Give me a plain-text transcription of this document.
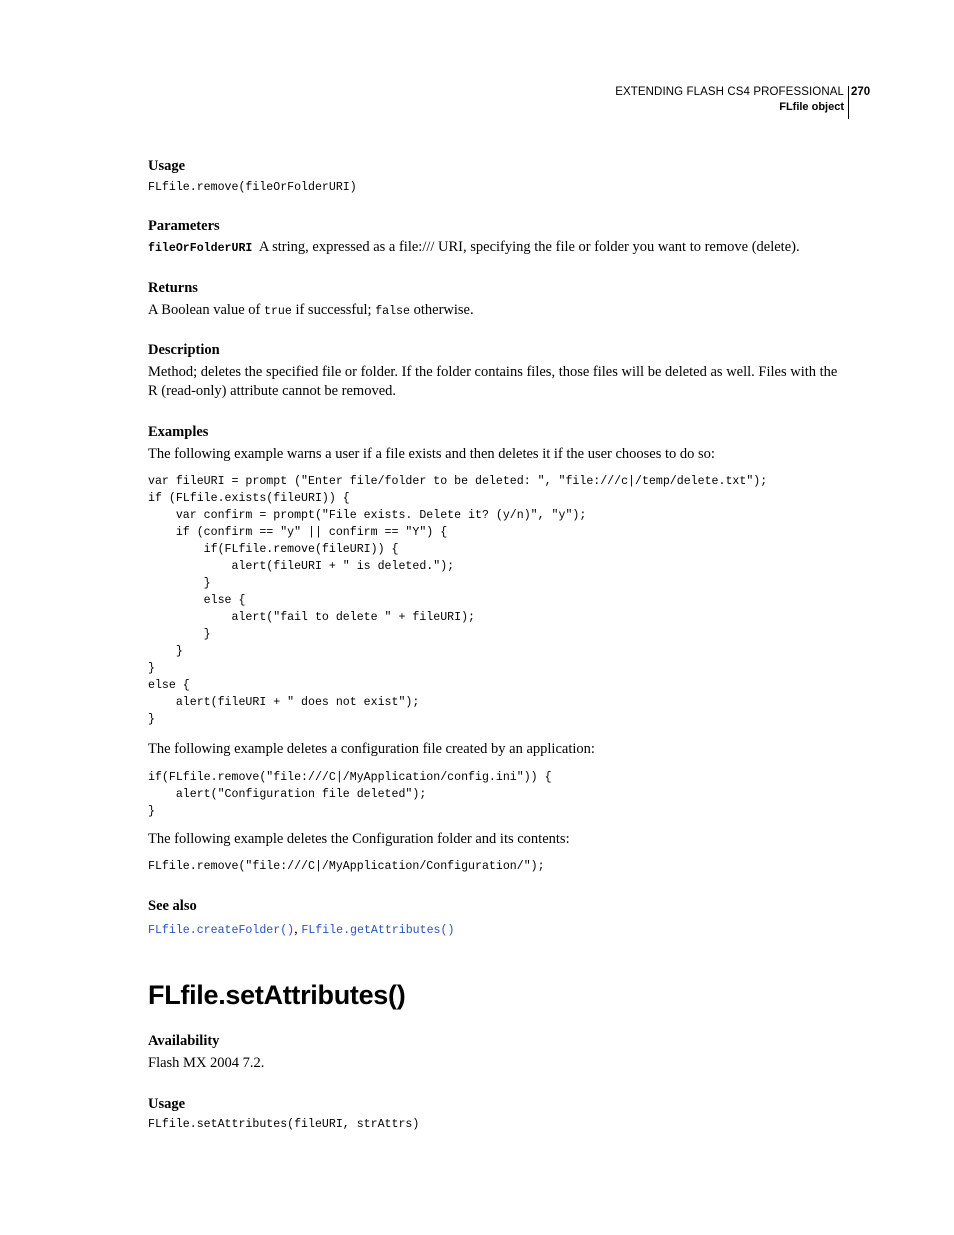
EXTENDING FLASH CS4 PROFESSIONAL
FLfile object
270
Usage
FLfile.remove(fileOrFolderURI)
Parameters
fileOrFolderURI A string, expressed as a file:/// URI, specifying the file or folder you want to remove (delete).
Returns
A Boolean value of true if successful; false otherwise.
Description
Method; deletes the specified file or folder. If the folder contains files, those files will be deleted as well. Files with the
R (read-only) attribute cannot be removed.
Examples
The following example warns a user if a file exists and then deletes it if the user chooses to do so:
var fileURI = prompt ("Enter file/folder to be deleted: ", "file:///c|/temp/delete.txt");
if (FLfile.exists(fileURI)) {
var confirm = prompt("File exists. Delete it? (y/n)", "y");
if (confirm == "y" || confirm == "Y") {
if(FLfile.remove(fileURI)) {
alert(fileURI + " is deleted.");
}
else {
alert("fail to delete " + fileURI);
}
}
}
else {
alert(fileURI + " does not exist");
}
The following example deletes a configuration file created by an application:
if(FLfile.remove("file:///C|/MyApplication/config.ini")) {
alert("Configuration file deleted");
}
The following example deletes the Configuration folder and its contents:
FLfile.remove("file:///C|/MyApplication/Configuration/");
See also
FLfile.createFolder(), FLfile.getAttributes()
FLfile.setAttributes()
Availability
Flash MX 2004 7.2.
Usage
FLfile.setAttributes(fileURI, strAttrs)
